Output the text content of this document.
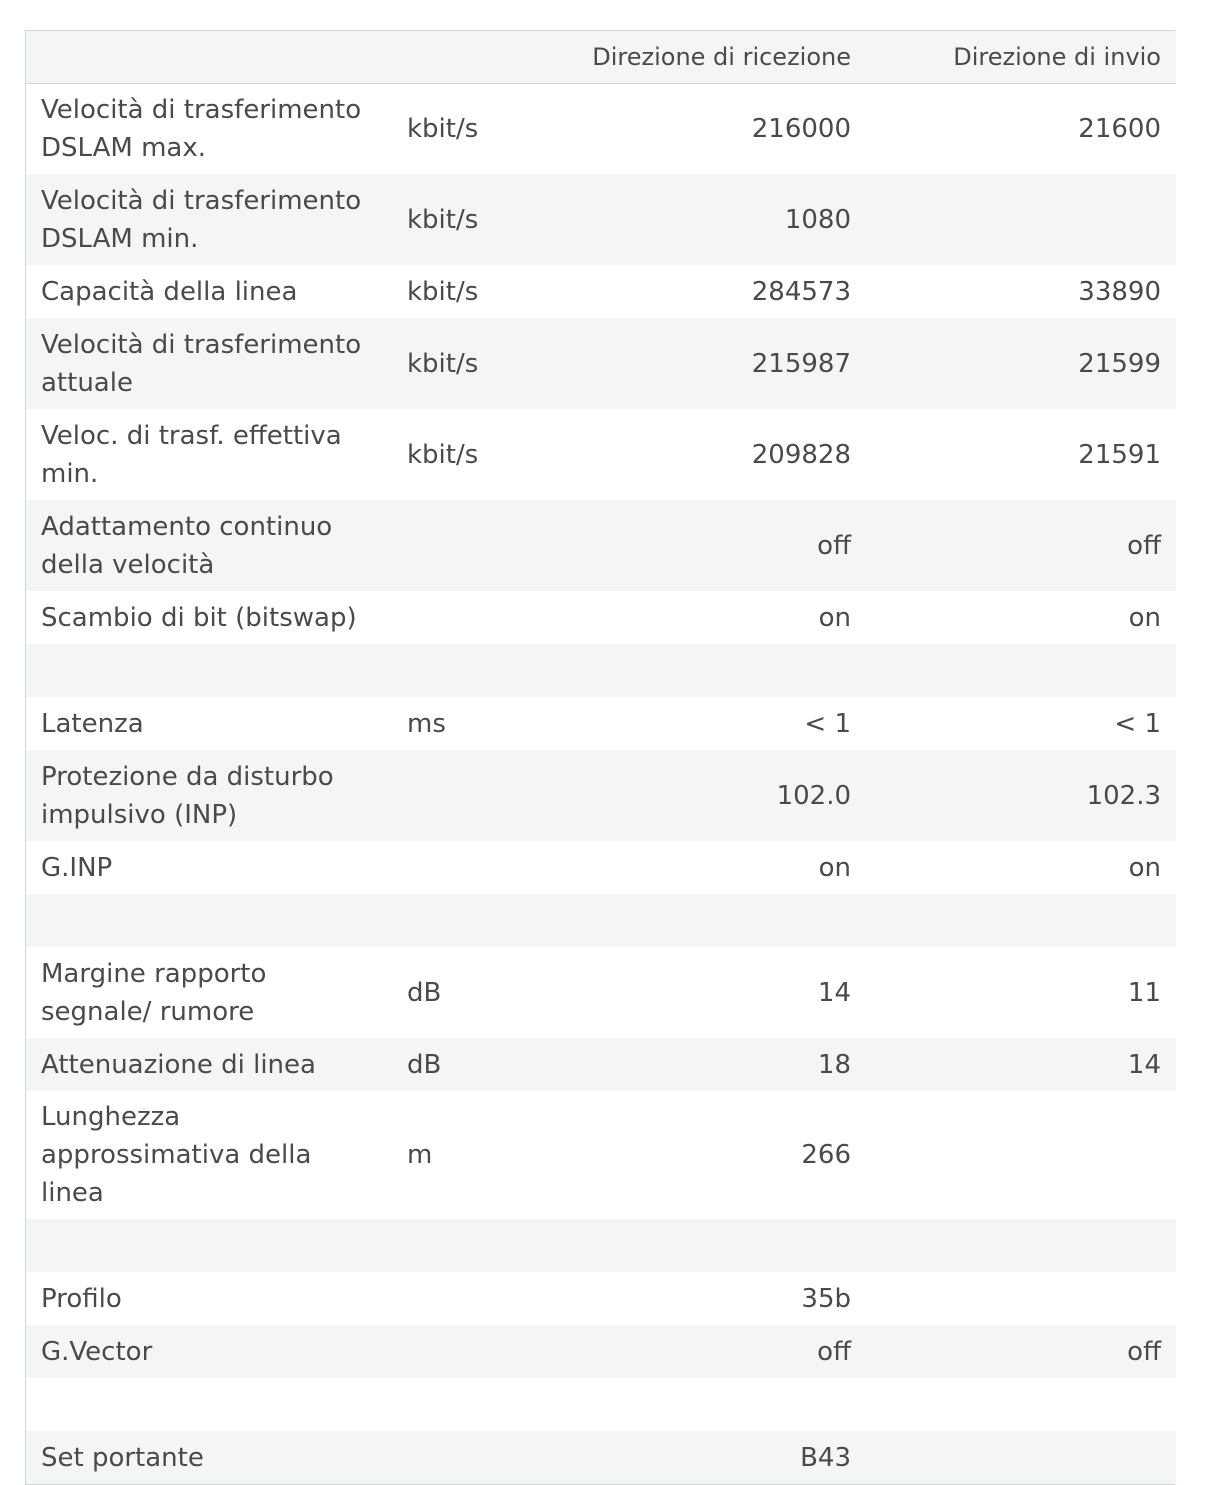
		Direzione di ricezione	Direzione di invio
Velocità di trasferimento DSLAM max.	kbit/s	216000	21600
Velocità di trasferimento DSLAM min.	kbit/s	1080	
Capacità della linea	kbit/s	284573	33890
Velocità di trasferimento attuale	kbit/s	215987	21599
Veloc. di trasf. effettiva min.	kbit/s	209828	21591
Adattamento continuo della velocità		off	off
Scambio di bit (bitswap)		on	on

Latenza	ms	< 1	< 1
Protezione da disturbo impulsivo (INP)		102.0	102.3
G.INP		on	on

Margine rapporto segnale/ rumore	dB	14	11
Attenuazione di linea	dB	18	14
Lunghezza approssimativa della linea	m	266	

Profilo		35b	
G.Vector		off	off

Set portante		B43	
